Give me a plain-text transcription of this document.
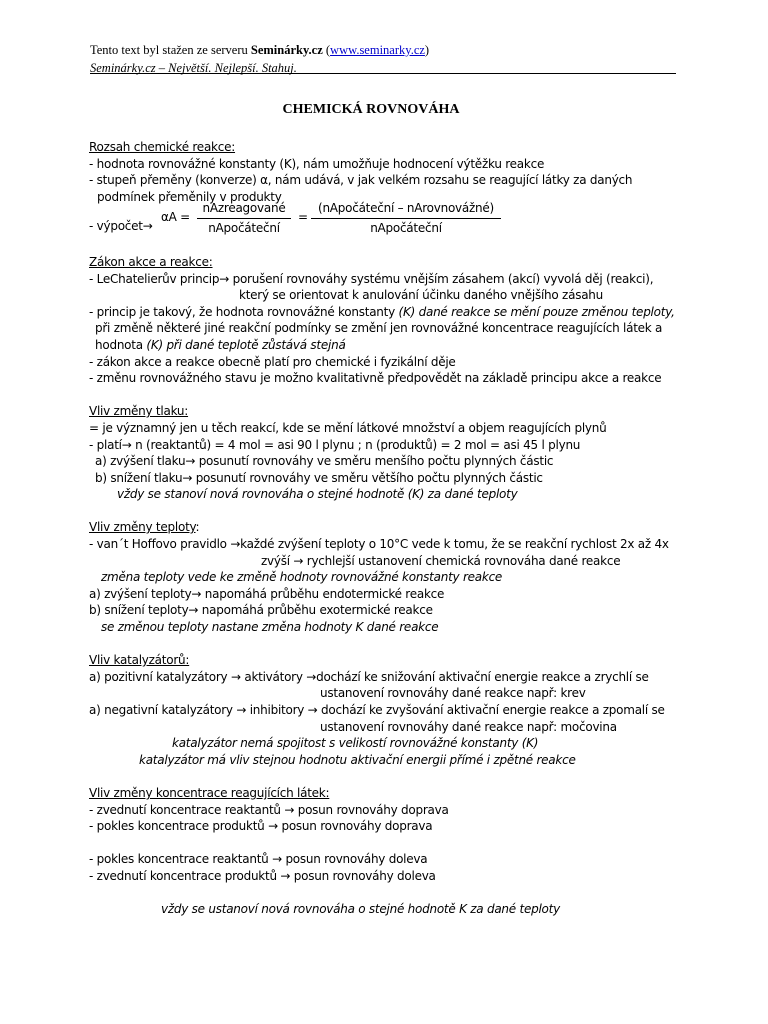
Tento text byl stažen ze serveru Seminárky.cz (www.seminarky.cz)
Seminárky.cz – Největší. Nejlepší. Stahuj.
CHEMICKÁ ROVNOVÁHA
Rozsah chemické reakce:
- hodnota rovnovážné konstanty (K), nám umožňuje hodnocení výtěžku reakce
- stupeň přeměny (konverze) α, nám udává, v jak velkém rozsahu se reagující látky za daných
podmínek přeměnily v produkty
- výpočet→
αA =
nAzreagované
nApočáteční
=
(nApočáteční – nArovnovážné)
nApočáteční
Zákon akce a reakce:
- LeChatelierův princip→ porušení rovnováhy systému vnějším zásahem (akcí) vyvolá děj (reakci),
který se orientovat k anulování účinku daného vnějšího zásahu
- princip je takový, že hodnota rovnovážné konstanty (K) dané reakce se mění pouze změnou teploty,
při změně některé jiné reakční podmínky se změní jen rovnovážné koncentrace reagujících látek a
hodnota (K) při dané teplotě zůstává stejná
- zákon akce a reakce obecně platí pro chemické i fyzikální děje
- změnu rovnovážného stavu je možno kvalitativně předpovědět na základě principu akce a reakce
Vliv změny tlaku:
= je významný jen u těch reakcí, kde se mění látkové množství a objem reagujících plynů
- platí→ n (reaktantů) = 4 mol = asi 90 l plynu ; n (produktů) = 2 mol = asi 45 l plynu
a) zvýšení tlaku→ posunutí rovnováhy ve směru menšího počtu plynných částic
b) snížení tlaku→ posunutí rovnováhy ve směru většího počtu plynných částic
vždy se stanoví nová rovnováha o stejné hodnotě (K) za dané teploty
Vliv změny teploty:
- van´t Hoffovo pravidlo →každé zvýšení teploty o 10°C vede k tomu, že se reakční rychlost 2x až 4x
zvýší → rychlejší ustanovení chemická rovnováha dané reakce
změna teploty vede ke změně hodnoty rovnovážné konstanty reakce
a) zvýšení teploty→ napomáhá průběhu endotermické reakce
b) snížení teploty→ napomáhá průběhu exotermické reakce
se změnou teploty nastane změna hodnoty K dané reakce
Vliv katalyzátorů:
a) pozitivní katalyzátory → aktivátory →dochází ke snižování aktivační energie reakce a zrychlí se
ustanovení rovnováhy dané reakce např: krev
a) negativní katalyzátory → inhibitory → dochází ke zvyšování aktivační energie reakce a zpomalí se
ustanovení rovnováhy dané reakce např: močovina
katalyzátor nemá spojitost s velikostí rovnovážné konstanty (K)
katalyzátor má vliv stejnou hodnotu aktivační energii přímé i zpětné reakce
Vliv změny koncentrace reagujících látek:
- zvednutí koncentrace reaktantů → posun rovnováhy doprava
- pokles koncentrace produktů → posun rovnováhy doprava
- pokles koncentrace reaktantů → posun rovnováhy doleva
- zvednutí koncentrace produktů → posun rovnováhy doleva
vždy se ustanoví nová rovnováha o stejné hodnotě K za dané teploty
